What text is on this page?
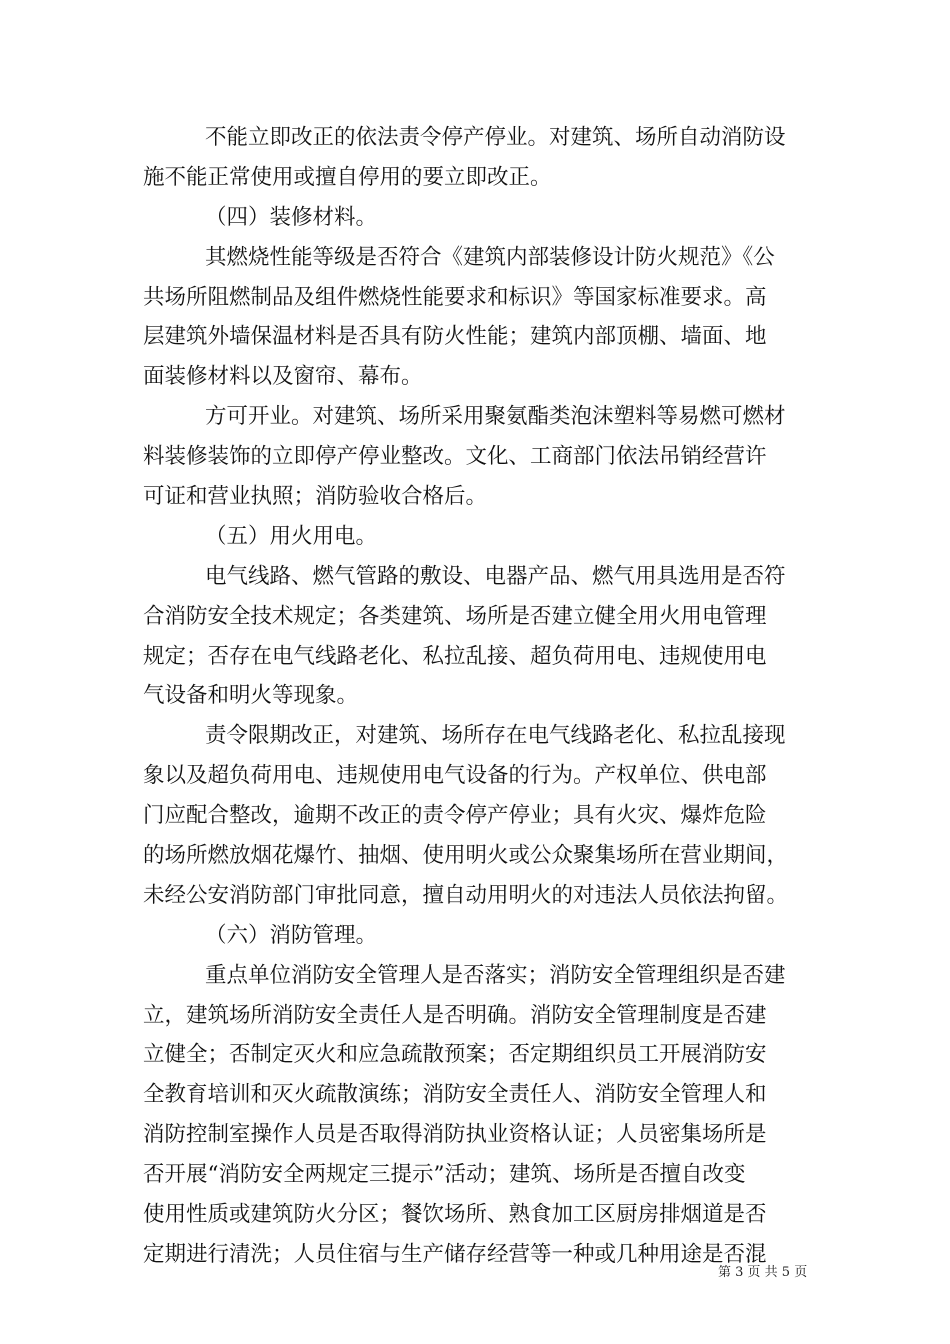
不能立即改正的依法责令停产停业。对建筑、场所自动消防设
施不能正常使用或擅自停用的要立即改正。
（四）装修材料。
其燃烧性能等级是否符合《建筑内部装修设计防火规范》《公
共场所阻燃制品及组件燃烧性能要求和标识》等国家标准要求。高
层建筑外墙保温材料是否具有防火性能；建筑内部顶棚、墙面、地
面装修材料以及窗帘、幕布。
方可开业。对建筑、场所采用聚氨酯类泡沫塑料等易燃可燃材
料装修装饰的立即停产停业整改。文化、工商部门依法吊销经营许
可证和营业执照；消防验收合格后。
（五）用火用电。
电气线路、燃气管路的敷设、电器产品、燃气用具选用是否符
合消防安全技术规定；各类建筑、场所是否建立健全用火用电管理
规定；否存在电气线路老化、私拉乱接、超负荷用电、违规使用电
气设备和明火等现象。
责令限期改正，对建筑、场所存在电气线路老化、私拉乱接现
象以及超负荷用电、违规使用电气设备的行为。产权单位、供电部
门应配合整改，逾期不改正的责令停产停业；具有火灾、爆炸危险
的场所燃放烟花爆竹、抽烟、使用明火或公众聚集场所在营业期间，
未经公安消防部门审批同意，擅自动用明火的对违法人员依法拘留。
（六）消防管理。
重点单位消防安全管理人是否落实；消防安全管理组织是否建
立，建筑场所消防安全责任人是否明确。消防安全管理制度是否建
立健全；否制定灭火和应急疏散预案；否定期组织员工开展消防安
全教育培训和灭火疏散演练；消防安全责任人、消防安全管理人和
消防控制室操作人员是否取得消防执业资格认证；人员密集场所是
否开展“消防安全两规定三提示”活动；建筑、场所是否擅自改变
使用性质或建筑防火分区；餐饮场所、熟食加工区厨房排烟道是否
定期进行清洗；人员住宿与生产储存经营等一种或几种用途是否混
第 3 页 共 5 页
